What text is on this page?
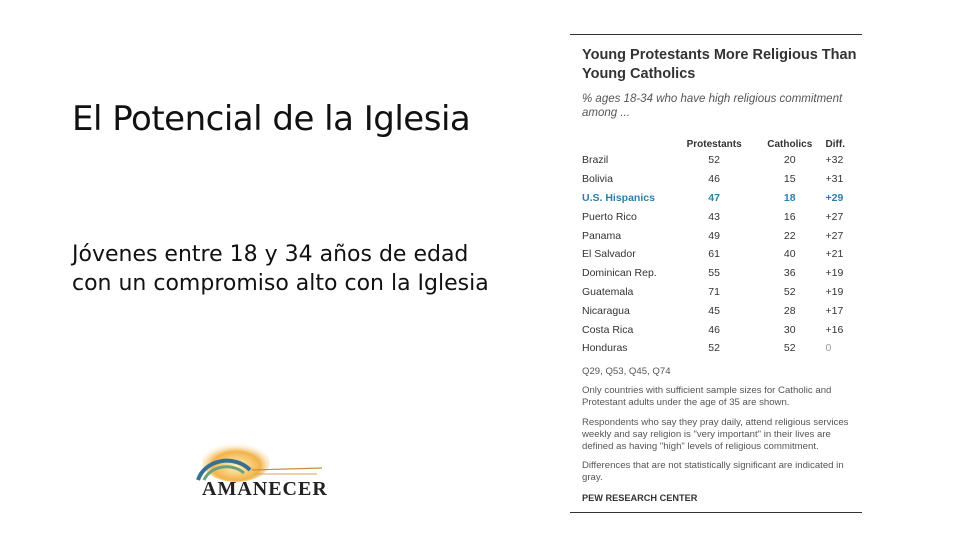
El Potencial de la Iglesia
Jóvenes entre 18 y 34 años de edad con un compromiso alto con la Iglesia
AMANECER
Young Protestants More Religious Than Young Catholics
% ages 18-34 who have high religious commitment among ...
	Protestants	Catholics	Diff.
Brazil	52	20	+32
Bolivia	46	15	+31
U.S. Hispanics	47	18	+29
Puerto Rico	43	16	+27
Panama	49	22	+27
El Salvador	61	40	+21
Dominican Rep.	55	36	+19
Guatemala	71	52	+19
Nicaragua	45	28	+17
Costa Rica	46	30	+16
Honduras	52	52	0

Q29, Q53, Q45, Q74

Only countries with sufficient sample sizes for Catholic and Protestant adults under the age of 35 are shown.

Respondents who say they pray daily, attend religious services weekly and say religion is "very important" in their lives are defined as having "high" levels of religious commitment.

Differences that are not statistically significant are indicated in gray.

PEW RESEARCH CENTER
